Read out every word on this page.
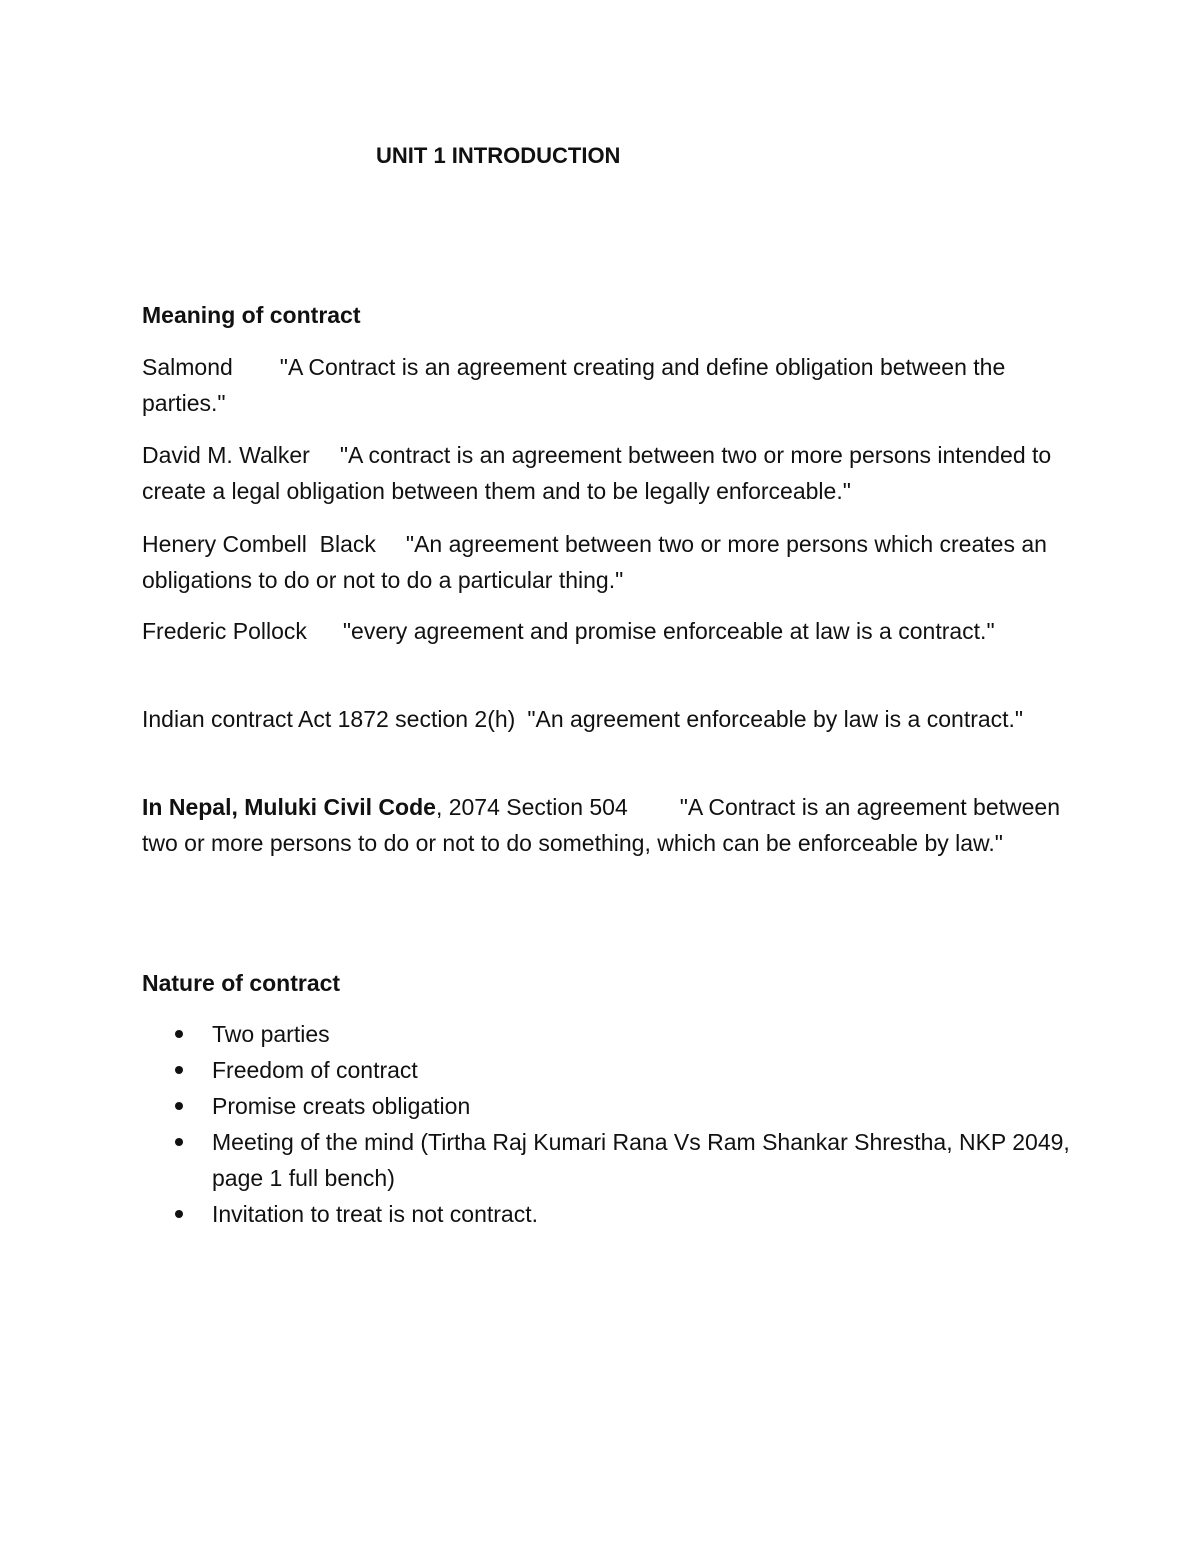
UNIT 1 INTRODUCTION
Meaning of contract

Salmond "A Contract is an agreement creating and define obligation between the parties."

David M. Walker "A contract is an agreement between two or more persons intended to create a legal obligation between them and to be legally enforceable."

Henery Combell  Black "An agreement between two or more persons which creates an obligations to do or not to do a particular thing."

Frederic Pollock "every agreement and promise enforceable at law is a contract."

Indian contract Act 1872 section 2(h) "An agreement enforceable by law is a contract."

In Nepal, Muluki Civil Code, 2074 Section 504 "A Contract is an agreement between two or more persons to do or not to do something, which can be enforceable by law."

Nature of contract
Two parties
Freedom of contract
Promise creats obligation
Meeting of the mind (Tirtha Raj Kumari Rana Vs Ram Shankar Shrestha, NKP 2049, page 1 full bench)
Invitation to treat is not contract.
